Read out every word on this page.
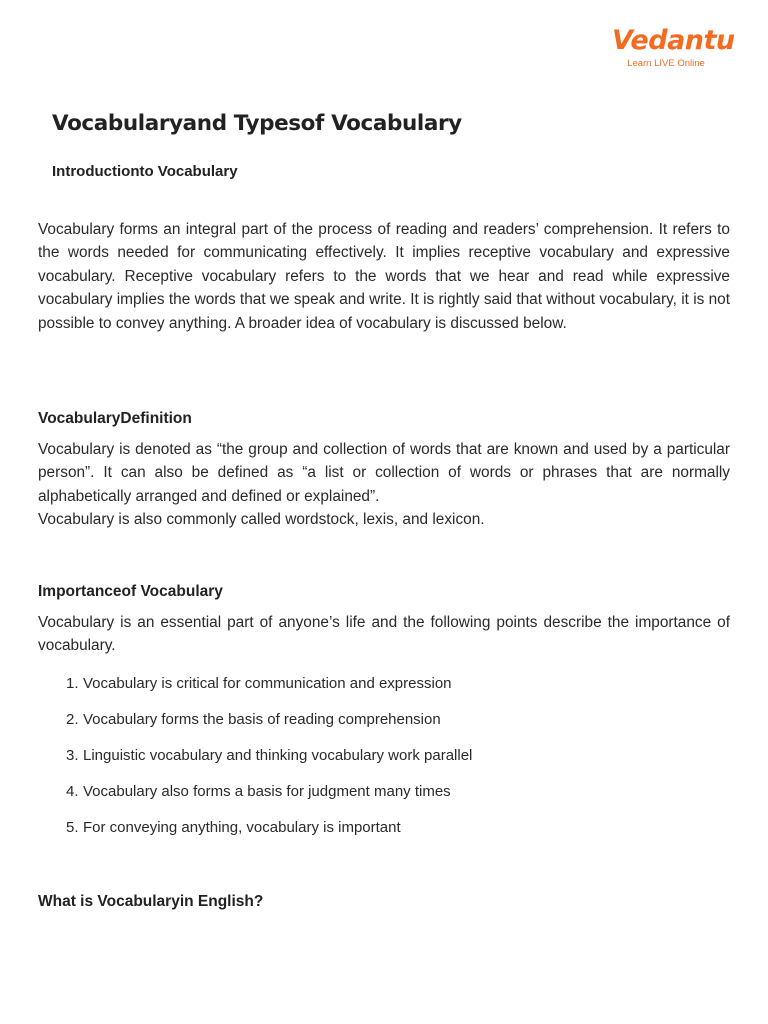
Vedantu
Learn LIVE Online
Vocabularyand Typesof Vocabulary
Introductionto Vocabulary

Vocabulary forms an integral part of the process of reading and readers’ comprehension. It refers to the words needed for communicating effectively. It implies receptive vocabulary and expressive vocabulary. Receptive vocabulary refers to the words that we hear and read while expressive vocabulary implies the words that we speak and write. It is rightly said that without vocabulary, it is not possible to convey anything. A broader idea of vocabulary is discussed below.

VocabularyDefinition

Vocabulary is denoted as “the group and collection of words that are known and used by a particular person”. It can also be defined as “a list or collection of words or phrases that are normally alphabetically arranged and defined or explained”.

Vocabulary is also commonly called wordstock, lexis, and lexicon.

Importanceof Vocabulary

Vocabulary is an essential part of anyone’s life and the following points describe the importance of vocabulary.

1. Vocabulary is critical for communication and expression
2. Vocabulary forms the basis of reading comprehension
3. Linguistic vocabulary and thinking vocabulary work parallel
4. Vocabulary also forms a basis for judgment many times
5. For conveying anything, vocabulary is important
What is Vocabularyin English?
